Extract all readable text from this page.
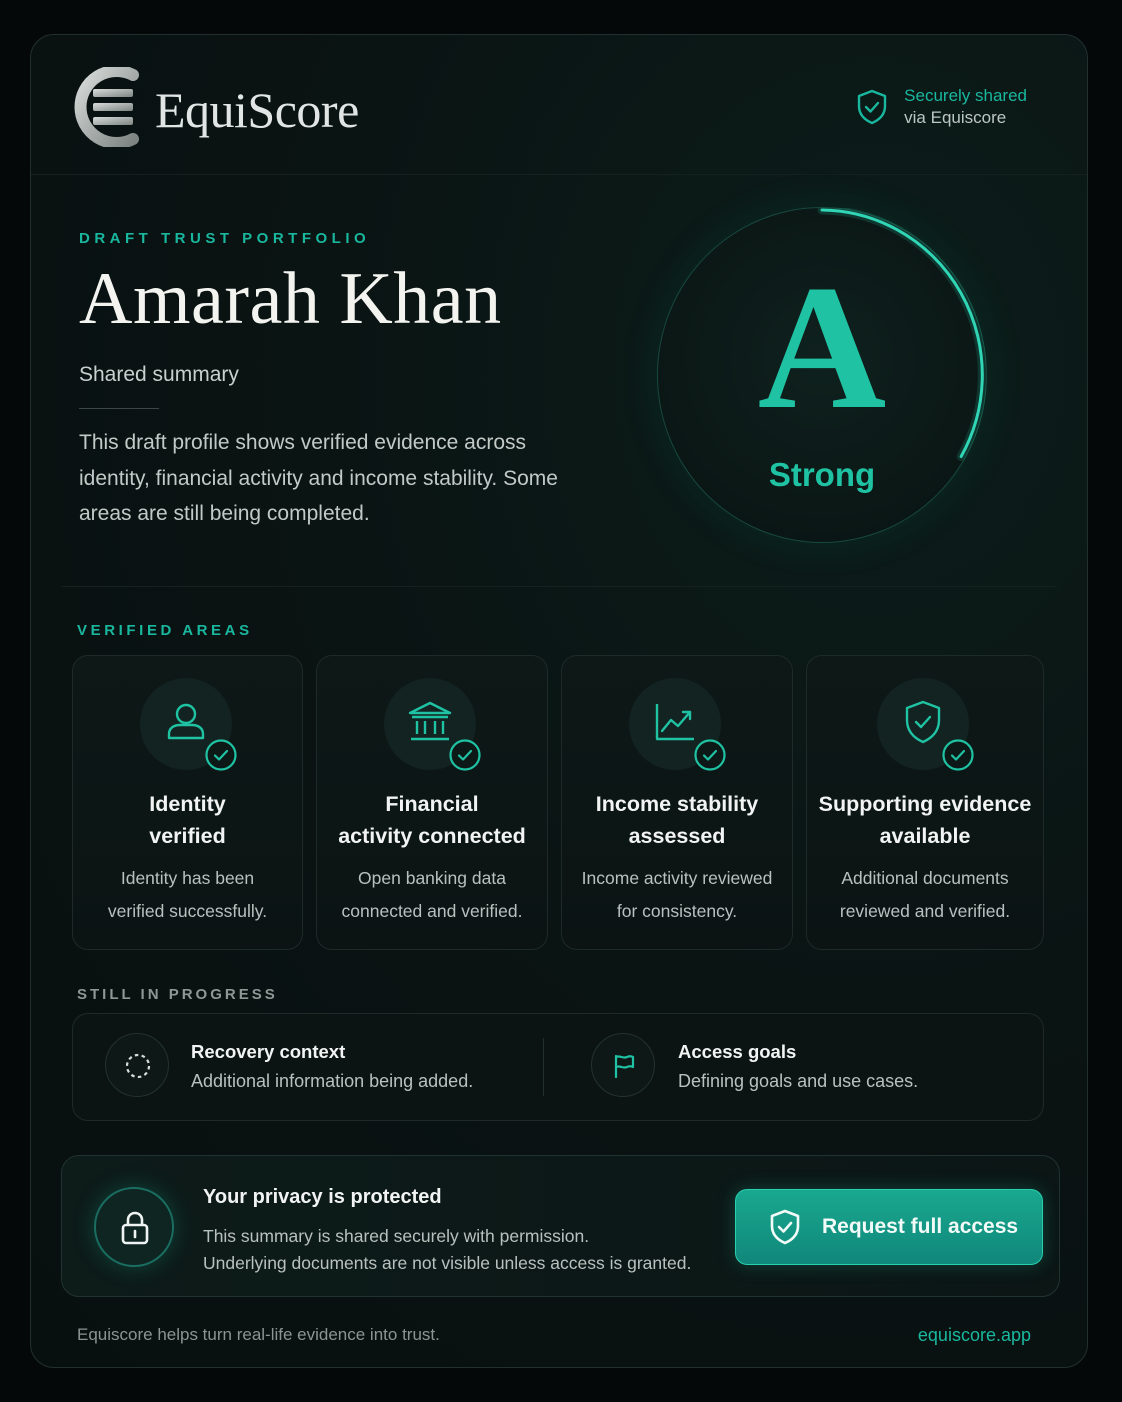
EquiScore	Securely shared
via Equiscore
DRAFT TRUST PORTFOLIO
Amarah Khan
Shared summary
This draft profile shows verified evidence across identity, financial activity and income stability. Some areas are still being completed.
A
Strong
VERIFIED AREAS
Identity
verified
Identity has been
verified successfully.
Financial
activity connected
Open banking data
connected and verified.
Income stability
assessed
Income activity reviewed
for consistency.
Supporting evidence
available
Additional documents
reviewed and verified.
STILL IN PROGRESS
Recovery context
Additional information being added.
Access goals
Defining goals and use cases.
Your privacy is protected
This summary is shared securely with permission.
Underlying documents are not visible unless access is granted.
Request full access
Equiscore helps turn real-life evidence into trust.	equiscore.app
